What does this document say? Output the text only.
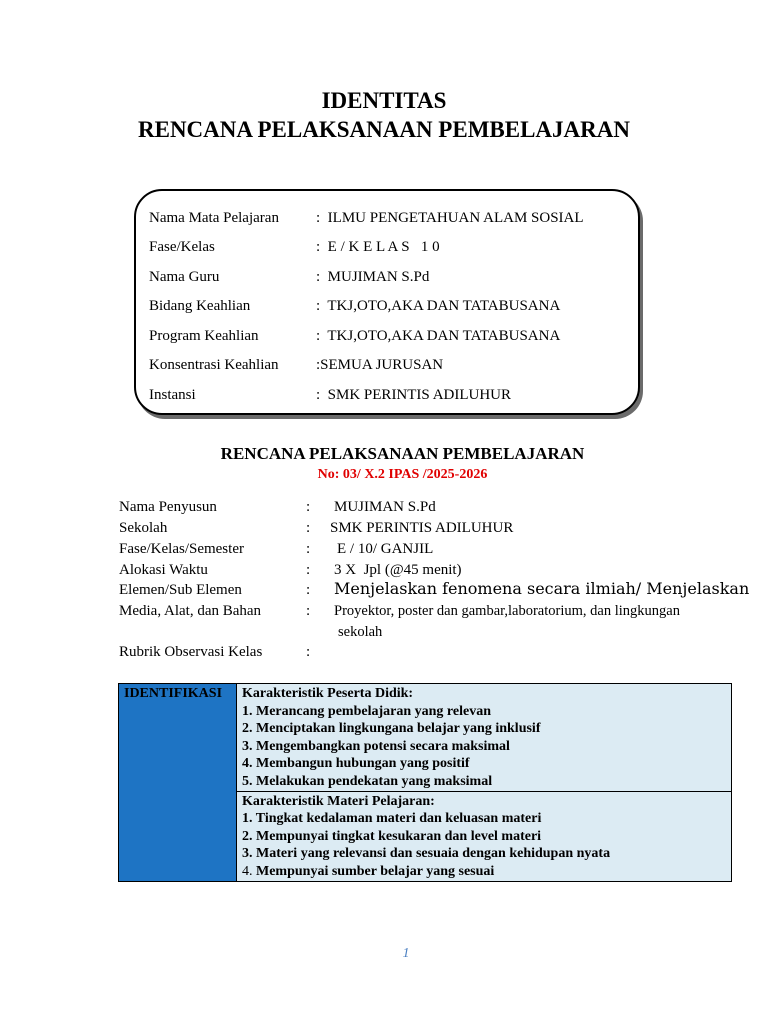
IDENTITAS
RENCANA PELAKSANAAN PEMBELAJARAN
Nama Mata Pelajaran :  ILMU PENGETAHUAN ALAM SOSIAL
Fase/Kelas	:  E / K E L A S   1 0
Nama Guru	:  MUJIMAN S.Pd
Bidang Keahlian	:  TKJ,OTO,AKA DAN TATABUSANA
Program Keahlian	:  TKJ,OTO,AKA DAN TATABUSANA
Konsentrasi Keahlian :SEMUA JURUSAN
Instansi	:  SMK PERINTIS ADILUHUR
RENCANA PELAKSANAAN PEMBELAJARAN
No: 03/ X.2 IPAS /2025-2026
Nama Penyusun	: MUJIMAN S.Pd
Sekolah	: SMK PERINTIS ADILUHUR
Fase/Kelas/Semester	: E / 10/ GANJIL
Alokasi Waktu	: 3 X  Jpl (@45 menit)
Elemen/Sub Elemen	: Menjelaskan fenomena secara ilmiah/ Menjelaskan
Media, Alat, dan Bahan	: Proyektor, poster dan gambar,laboratorium, dan lingkungan
sekolah
Rubrik Observasi Kelas	:
IDENTIFIKASI	Karakteristik Peserta Didik:
1. Merancang pembelajaran yang relevan
2. Menciptakan lingkungana belajar yang inklusif
3. Mengembangkan potensi secara maksimal
4. Membangun hubungan yang positif
5. Melakukan pendekatan yang maksimal

Karakteristik Materi Pelajaran:
1. Tingkat kedalaman materi dan keluasan materi
2. Mempunyai tingkat kesukaran dan level materi
3. Materi yang relevansi dan sesuaia dengan kehidupan nyata
4. Mempunyai sumber belajar yang sesuai
1
